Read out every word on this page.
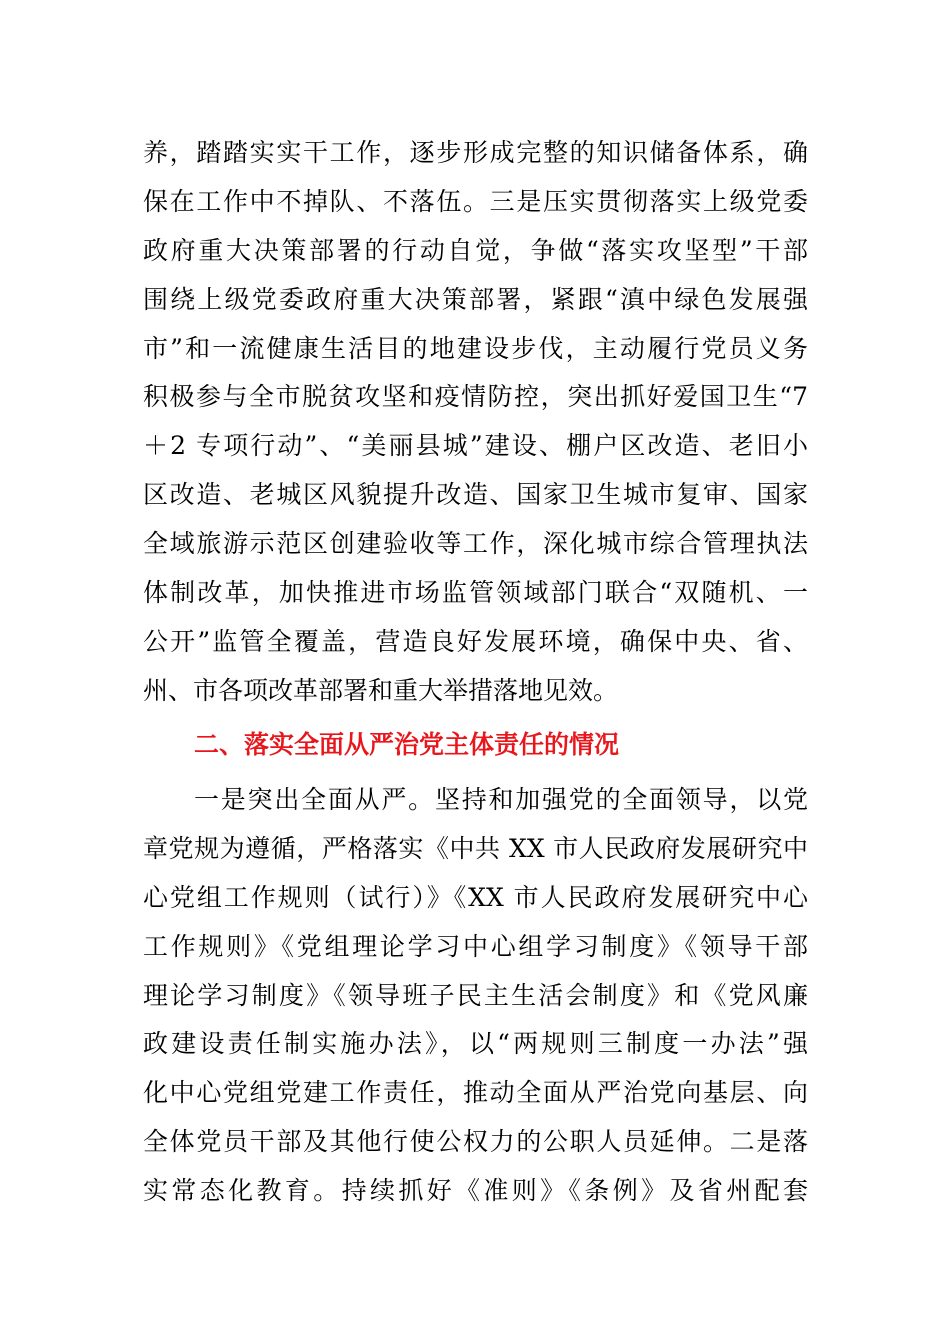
养，踏踏实实干工作，逐步形成完整的知识储备体系，确
保在工作中不掉队、不落伍。三是压实贯彻落实上级党委
政府重大决策部署的行动自觉，争做“落实攻坚型”干部
围绕上级党委政府重大决策部署，紧跟“滇中绿色发展强
市”和一流健康生活目的地建设步伐，主动履行党员义务
积极参与全市脱贫攻坚和疫情防控，突出抓好爱国卫生“7
＋2 专项行动”、“美丽县城”建设、棚户区改造、老旧小
区改造、老城区风貌提升改造、国家卫生城市复审、国家
全域旅游示范区创建验收等工作，深化城市综合管理执法
体制改革，加快推进市场监管领域部门联合“双随机、一
公开”监管全覆盖，营造良好发展环境，确保中央、省、
州、市各项改革部署和重大举措落地见效。
二、落实全面从严治党主体责任的情况
一是突出全面从严。坚持和加强党的全面领导，以党
章党规为遵循，严格落实《中共 XX 市人民政府发展研究中
心党组工作规则（试行）》《XX 市人民政府发展研究中心
工作规则》《党组理论学习中心组学习制度》《领导干部
理论学习制度》《领导班子民主生活会制度》和《党风廉
政建设责任制实施办法》，以“两规则三制度一办法”强
化中心党组党建工作责任，推动全面从严治党向基层、向
全体党员干部及其他行使公权力的公职人员延伸。二是落
实常态化教育。持续抓好《准则》《条例》及省州配套
